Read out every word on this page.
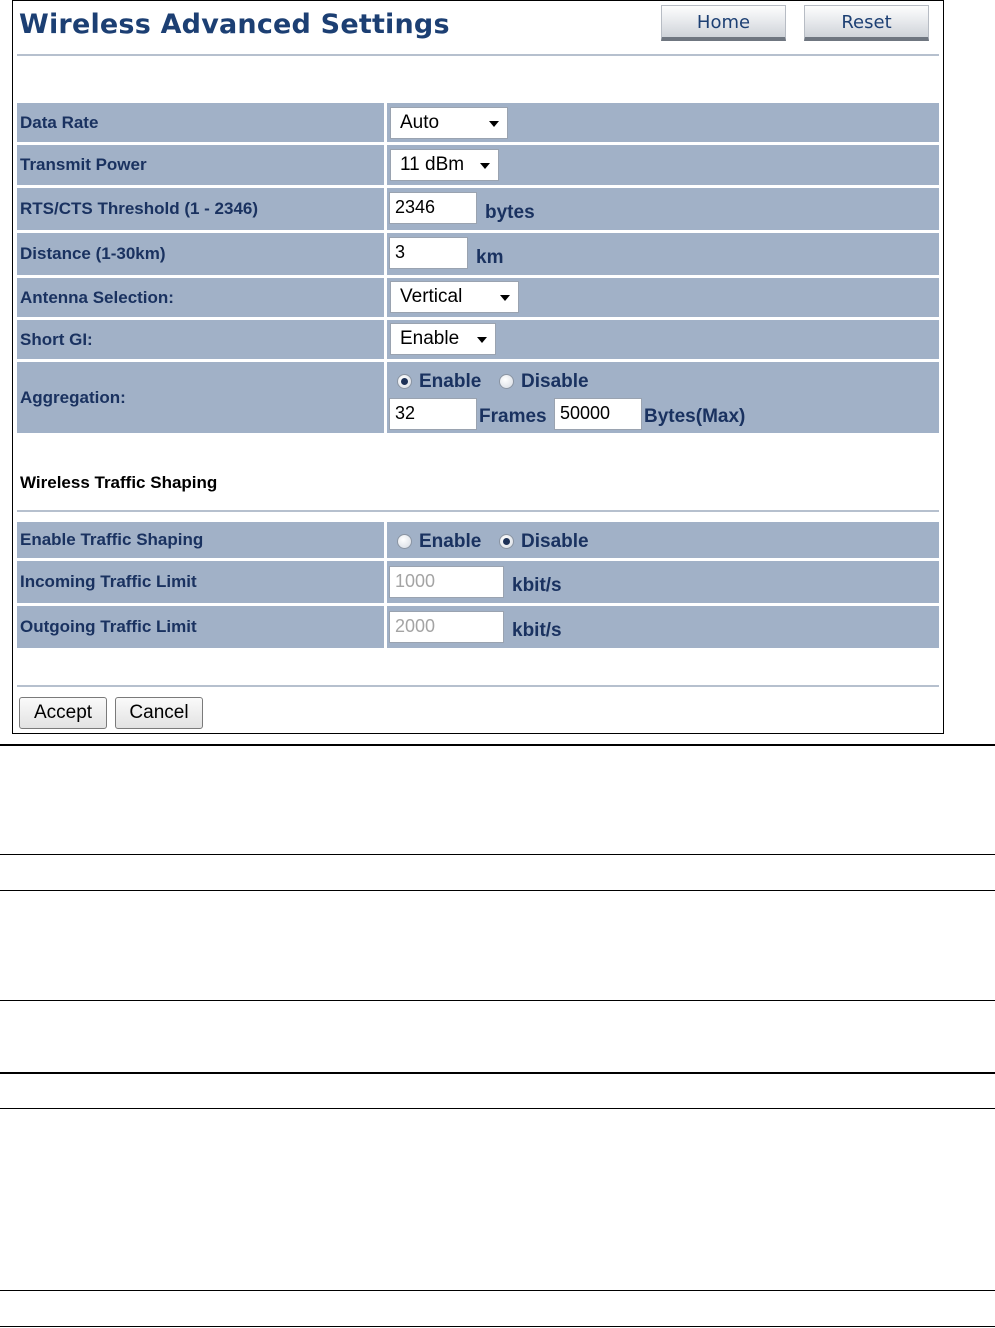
Wireless Advanced Settings	Home	Reset
Data Rate	Auto
Transmit Power	11 dBm
RTS/CTS Threshold (1 - 2346)	2346	bytes
Distance (1-30km)	3	km
Antenna Selection:	Vertical
Short GI:	Enable
Aggregation:
Enable Disable
32	Frames 50000	Bytes(Max)
Wireless Traffic Shaping
Enable Traffic Shaping	Enable Disable
Incoming Traffic Limit	1000	kbit/s
Outgoing Traffic Limit	2000	kbit/s
Accept	Cancel
